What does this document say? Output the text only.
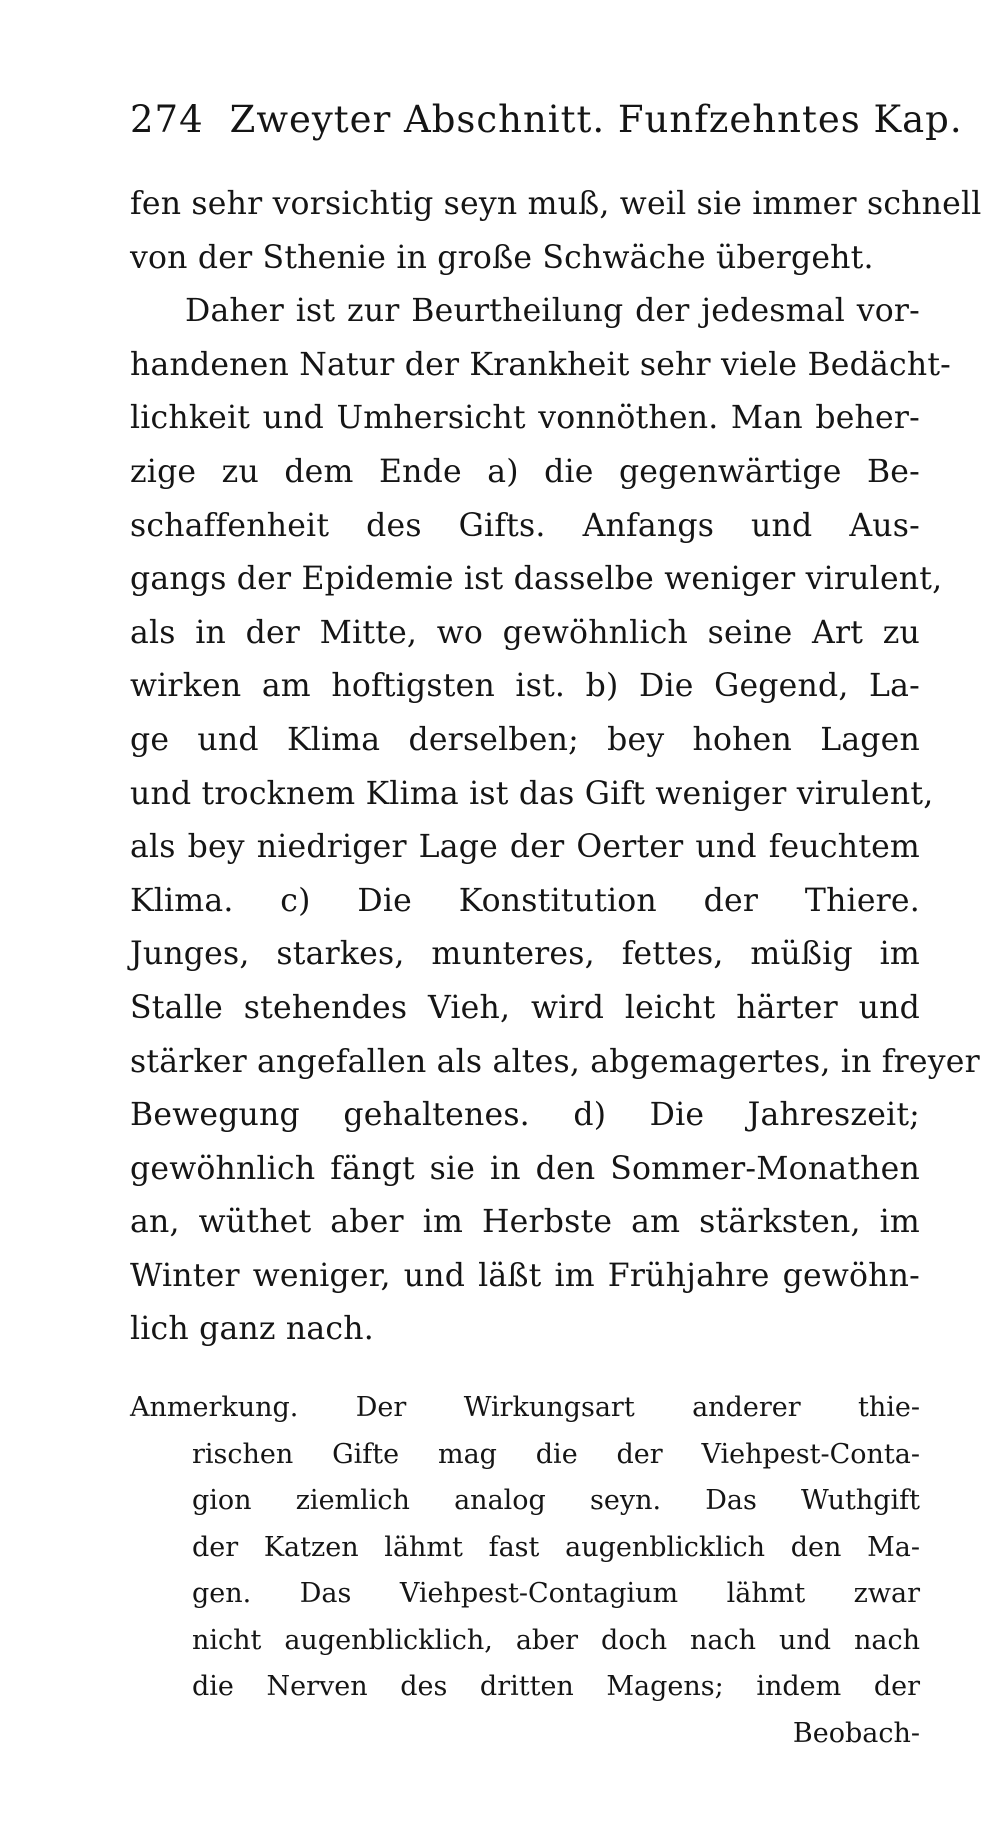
274 Zweyter Abschnitt. Funfzehntes Kap.
fen sehr vorsichtig seyn muß, weil sie immer schnell
von der Sthenie in große Schwäche übergeht.
Daher ist zur Beurtheilung der jedesmal vor-
handenen Natur der Krankheit sehr viele Bedächt-
lichkeit und Umhersicht vonnöthen. Man beher-
zige zu dem Ende a) die gegenwärtige Be-
schaffenheit des Gifts. Anfangs und Aus-
gangs der Epidemie ist dasselbe weniger virulent,
als in der Mitte, wo gewöhnlich seine Art zu
wirken am hoftigsten ist. b) Die Gegend, La-
ge und Klima derselben; bey hohen Lagen
und trocknem Klima ist das Gift weniger virulent,
als bey niedriger Lage der Oerter und feuchtem
Klima. c) Die Konstitution der Thiere.
Junges, starkes, munteres, fettes, müßig im
Stalle stehendes Vieh, wird leicht härter und
stärker angefallen als altes, abgemagertes, in freyer
Bewegung gehaltenes. d) Die Jahreszeit;
gewöhnlich fängt sie in den Sommer-Monathen
an, wüthet aber im Herbste am stärksten, im
Winter weniger, und läßt im Frühjahre gewöhn-
lich ganz nach.
Anmerkung. Der Wirkungsart anderer thie-
rischen Gifte mag die der Viehpest-Conta-
gion ziemlich analog seyn. Das Wuthgift
der Katzen lähmt fast augenblicklich den Ma-
gen. Das Viehpest-Contagium lähmt zwar
nicht augenblicklich, aber doch nach und nach
die Nerven des dritten Magens; indem der
Beobach-
